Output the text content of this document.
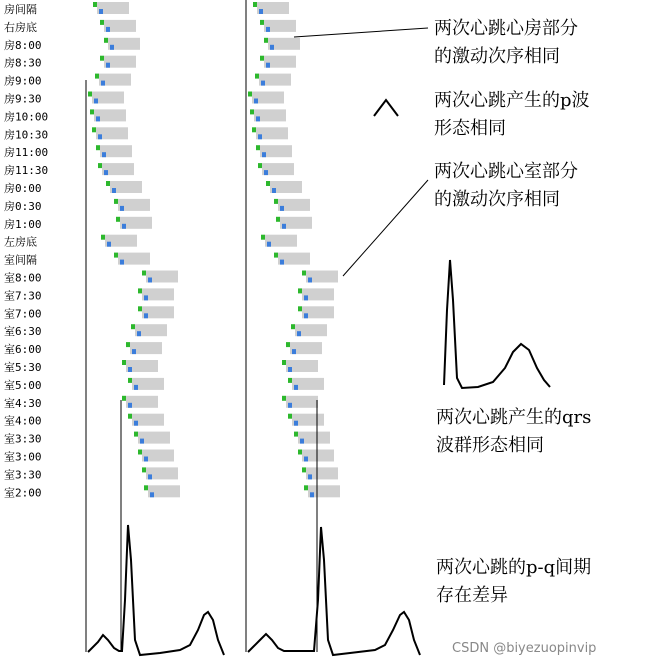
房间隔
右房底
房8:00
房8:30
房9:00
房9:30
房10:00
房10:30
房11:00
房11:30
房0:00
房0:30
房1:00
左房底
室间隔
室8:00
室7:30
室7:00
室6:30
室6:00
室5:30
室5:00
室4:30
室4:00
室3:30
室3:00
室3:30
室2:00
两次心跳心房部分
的激动次序相同
两次心跳产生的p波
形态相同
两次心跳心室部分
的激动次序相同
两次心跳产生的qrs
波群形态相同
两次心跳的p-q间期
存在差异
CSDN @biyezuopinvip
